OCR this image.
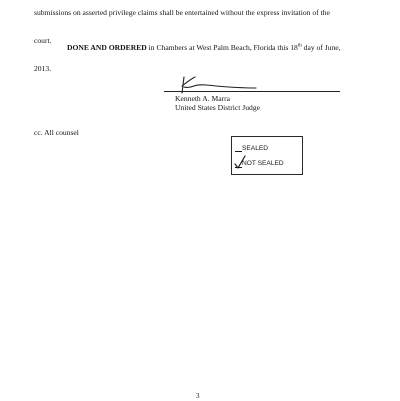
submissions on asserted privilege claims shall be entertained without the express invitation of the
court.
DONE AND ORDERED in Chambers at West Palm Beach, Florida this 18th day of June,
2013.
Kenneth A. Marra
United States District Judge
cc. All counsel
SEALED
NOT SEALED
3
